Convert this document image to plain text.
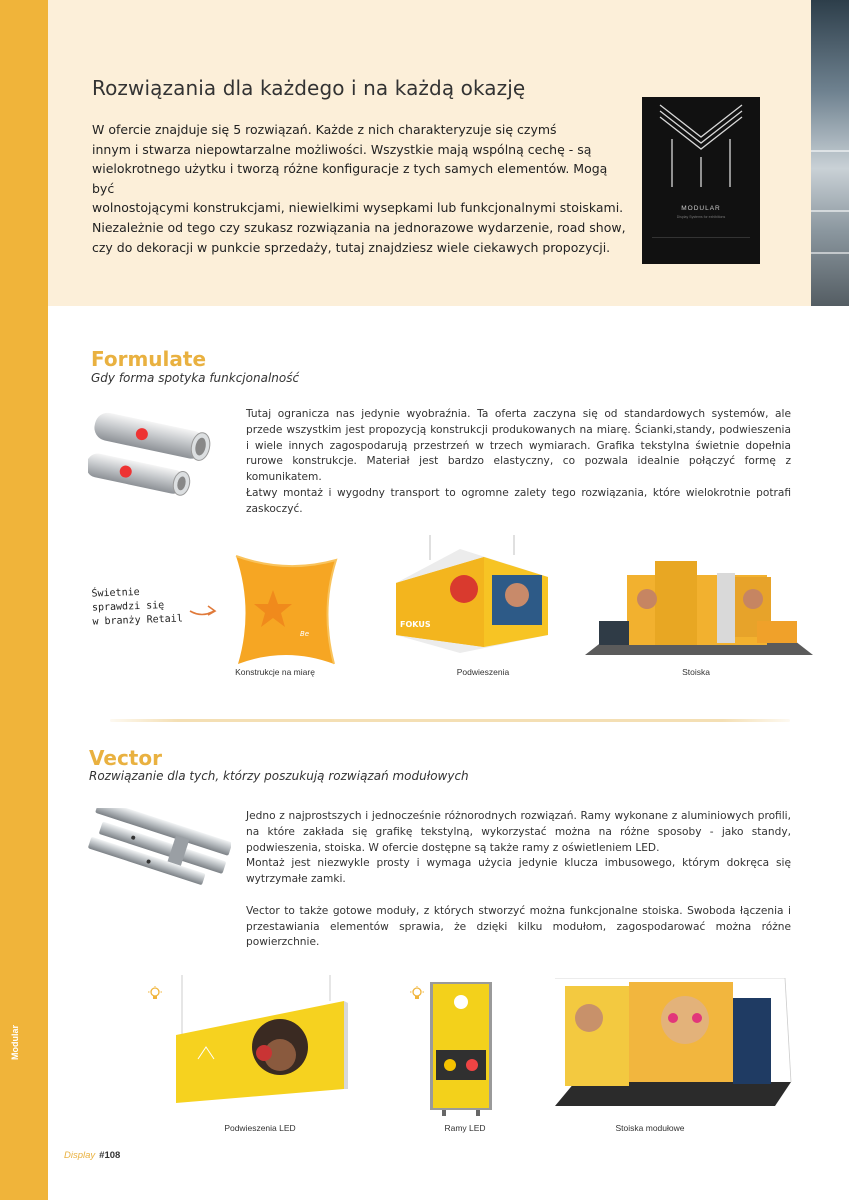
Modular
Rozwiązania dla każdego i na każdą okazję
W ofercie znajduje się 5 rozwiązań. Każde z nich charakteryzuje się czymś
innym i stwarza niepowtarzalne możliwości. Wszystkie mają wspólną cechę - są
wielokrotnego użytku i tworzą różne konfiguracje z tych samych elementów. Mogą być
wolnostojącymi konstrukcjami, niewielkimi wysepkami lub funkcjonalnymi stoiskami.
Niezależnie od tego czy szukasz rozwiązania na jednorazowe wydarzenie, road show,
czy do dekoracji w punkcie sprzedaży, tutaj znajdziesz wiele ciekawych propozycji.
MODULAR
Display Systems for exhibitions
Formulate
Gdy forma spotyka funkcjonalność

Tutaj ogranicza nas jedynie wyobraźnia. Ta oferta zaczyna się od standardowych systemów, ale przede wszystkim jest propozycją konstrukcji produkowanych na miarę. Ścianki,standy, podwieszenia i wiele innych zagospodarują przestrzeń w trzech wymiarach. Grafika tekstylna świetnie dopełnia rurowe konstrukcje. Materiał jest bardzo elastyczny, co pozwala idealnie połączyć formę z komunikatem.

Łatwy montaż i wygodny transport to ogromne zalety tego rozwiązania, które wielokrotnie potrafi zaskoczyć.

Świetnie
sprawdzi się
w branży Retail
Be
FOKUS
Konstrukcje na miarę	Podwieszenia	Stoiska
Vector
Rozwiązanie dla tych, którzy poszukują rozwiązań modułowych

Jedno z najprostszych i jednocześnie różnorodnych rozwiązań. Ramy wykonane z aluminiowych profili, na które zakłada się grafikę tekstylną, wykorzystać można na różne sposoby - jako standy, podwieszenia, stoiska. W ofercie dostępne są także ramy z oświetleniem LED.

Montaż jest niezwykle prosty i wymaga użycia jedynie klucza imbusowego, którym dokręca się wytrzymałe zamki.

Vector to także gotowe moduły, z których stworzyć można funkcjonalne stoiska. Swoboda łączenia i przestawiania elementów sprawia, że dzięki kilku modułom, zagospodarować można różne powierzchnie.

Podwieszenia LED	Ramy LED	Stoiska modułowe
Display #108
